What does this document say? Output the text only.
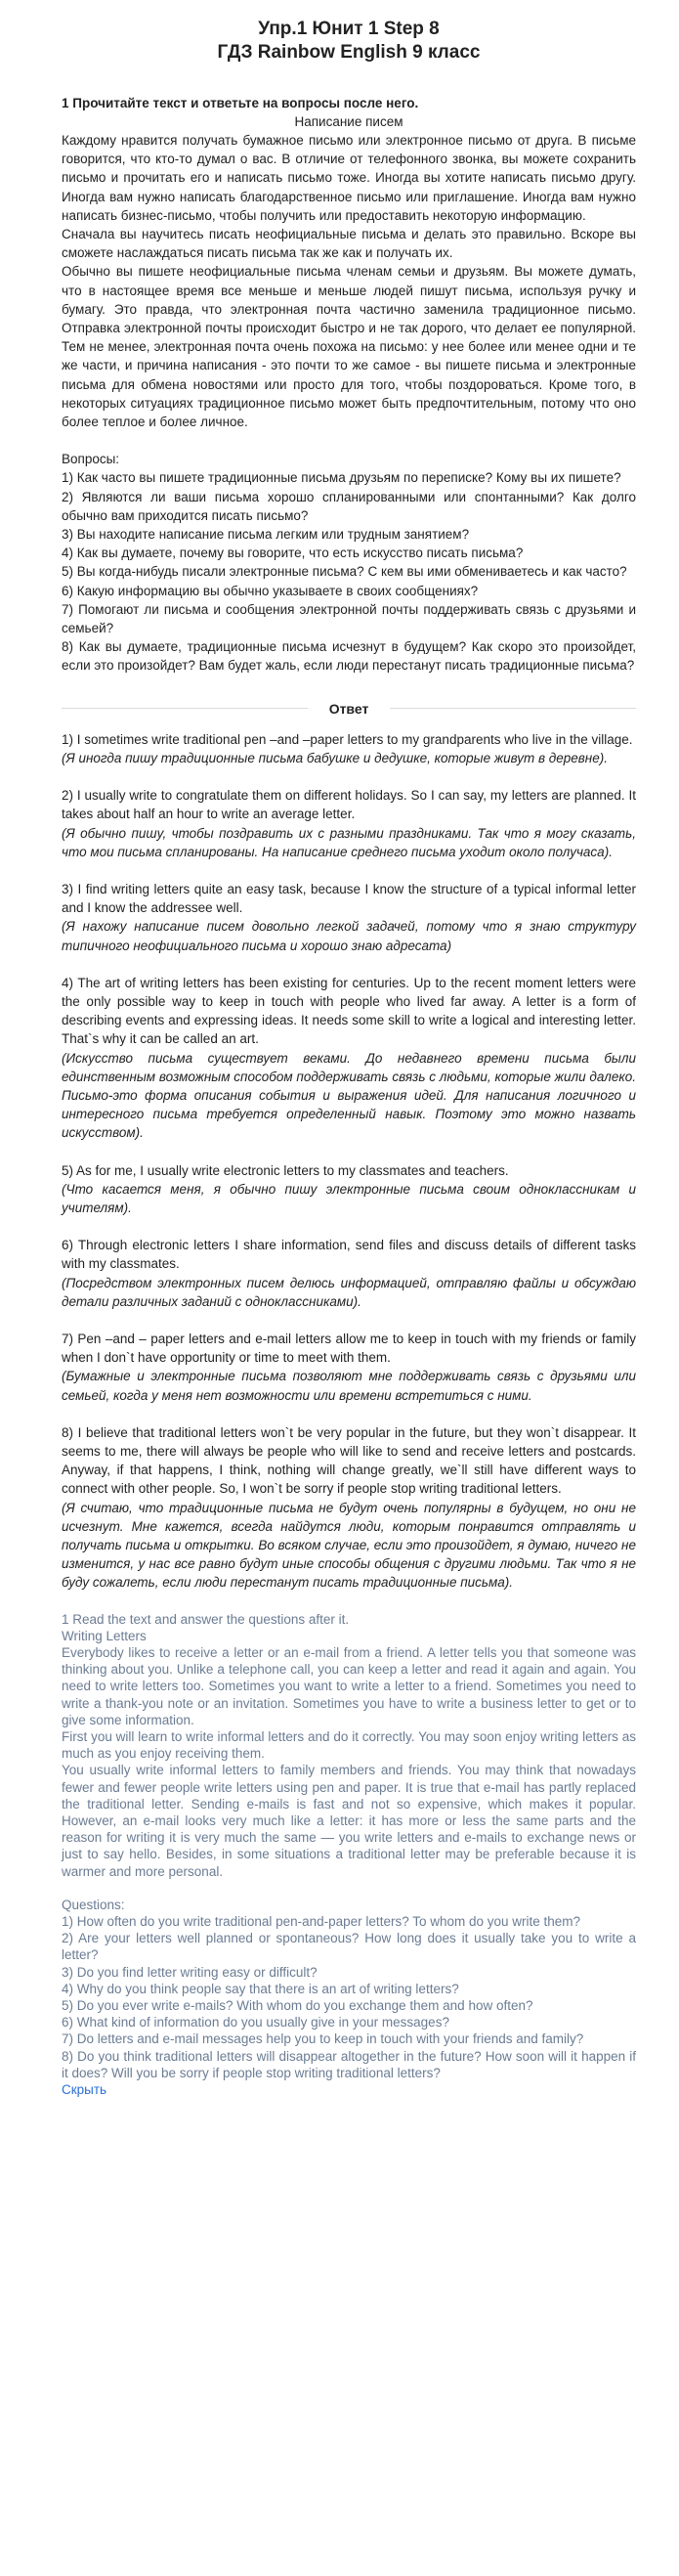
Упр.1 Юнит 1 Step 8
ГДЗ Rainbow English 9 класс
1 Прочитайте текст и ответьте на вопросы после него.
Написание писем

Каждому нравится получать бумажное письмо или электронное письмо от друга. В письме говорится, что кто-то думал о вас. В отличие от телефонного звонка, вы можете сохранить письмо и прочитать его и написать письмо тоже. Иногда вы хотите написать письмо другу. Иногда вам нужно написать благодарственное письмо или приглашение. Иногда вам нужно написать бизнес-письмо, чтобы получить или предоставить некоторую информацию.

Сначала вы научитесь писать неофициальные письма и делать это правильно. Вскоре вы сможете наслаждаться писать письма так же как и получать их.

Обычно вы пишете неофициальные письма членам семьи и друзьям. Вы можете думать, что в настоящее время все меньше и меньше людей пишут письма, используя ручку и бумагу. Это правда, что электронная почта частично заменила традиционное письмо. Отправка электронной почты происходит быстро и не так дорого, что делает ее популярной. Тем не менее, электронная почта очень похожа на письмо: у нее более или менее одни и те же части, и причина написания - это почти то же самое - вы пишете письма и электронные письма для обмена новостями или просто для того, чтобы поздороваться. Кроме того, в некоторых ситуациях традиционное письмо может быть предпочтительным, потому что оно более теплое и более личное.

Вопросы:

1) Как часто вы пишете традиционные письма друзьям по переписке? Кому вы их пишете?

2) Являются ли ваши письма хорошо спланированными или спонтанными? Как долго обычно вам приходится писать письмо?

3) Вы находите написание письма легким или трудным занятием?

4) Как вы думаете, почему вы говорите, что есть искусство писать письма?

5) Вы когда-нибудь писали электронные письма? С кем вы ими обмениваетесь и как часто?

6) Какую информацию вы обычно указываете в своих сообщениях?

7) Помогают ли письма и сообщения электронной почты поддерживать связь с друзьями и семьей?

8) Как вы думаете, традиционные письма исчезнут в будущем? Как скоро это произойдет, если это произойдет? Вам будет жаль, если люди перестанут писать традиционные письма?

Ответ

1) I sometimes write traditional pen –and –paper letters to my grandparents who live in the village.

(Я иногда пишу традиционные письма бабушке и дедушке, которые живут в деревне).

2) I usually write to congratulate them on different holidays. So I can say, my letters are planned. It takes about half an hour to write an average letter.

(Я обычно пишу, чтобы поздравить их с разными праздниками. Так что я могу сказать, что мои письма спланированы. На написание среднего письма уходит около получаса).

3) I find writing letters quite an easy task, because I know the structure of a typical informal letter and I know the addressee well.

(Я нахожу написание писем довольно легкой задачей, потому что я знаю структуру типичного неофициального письма и хорошо знаю адресата)

4) The art of writing letters has been existing for centuries. Up to the recent moment letters were the only possible way to keep in touch with people who lived far away. A letter is a form of describing events and expressing ideas. It needs some skill to write a logical and interesting letter. That`s why it can be called an art.

(Искусство письма существует веками. До недавнего времени письма были единственным возможным способом поддерживать связь с людьми, которые жили далеко. Письмо-это форма описания события и выражения идей. Для написания логичного и интересного письма требуется определенный навык. Поэтому это можно назвать искусством).

5) As for me, I usually write electronic letters to my classmates and teachers.

(Что касается меня, я обычно пишу электронные письма своим одноклассникам и учителям).

6) Through electronic letters I share information, send files and discuss details of different tasks with my classmates.

(Посредством электронных писем делюсь информацией, отправляю файлы и обсуждаю детали различных заданий с одноклассниками).

7) Pen –and – paper letters and e-mail letters allow me to keep in touch with my friends or family when I don`t have opportunity or time to meet with them.

(Бумажные и электронные письма позволяют мне поддерживать связь с друзьями или семьей, когда у меня нет возможности или времени встретиться с ними.

8) I believe that traditional letters won`t be very popular in the future, but they won`t disappear. It seems to me, there will always be people who will like to send and receive letters and postcards. Anyway, if that happens, I think, nothing will change greatly, we`ll still have different ways to connect with other people. So, I won`t be sorry if people stop writing traditional letters.

(Я считаю, что традиционные письма не будут очень популярны в будущем, но они не исчезнут. Мне кажется, всегда найдутся люди, которым понравится отправлять и получать письма и открытки. Во всяком случае, если это произойдет, я думаю, ничего не изменится, у нас все равно будут иные способы общения с другими людьми. Так что я не буду сожалеть, если люди перестанут писать традиционные письма).

1 Read the text and answer the questions after it.

Writing Letters

Everybody likes to receive a letter or an e-mail from a friend. A letter tells you that someone was thinking about you. Unlike a telephone call, you can keep a letter and read it again and again. You need to write letters too. Sometimes you want to write a letter to a friend. Sometimes you need to write a thank-you note or an invitation. Sometimes you have to write a business letter to get or to give some information.

First you will learn to write informal letters and do it correctly. You may soon enjoy writing letters as much as you enjoy receiving them.

You usually write informal letters to family members and friends. You may think that nowadays fewer and fewer people write letters using pen and paper. It is true that e-mail has partly replaced the traditional letter. Sending e-mails is fast and not so expensive, which makes it popular. However, an e-mail looks very much like a letter: it has more or less the same parts and the reason for writing it is very much the same — you write letters and e-mails to exchange news or just to say hello. Besides, in some situations a traditional letter may be preferable because it is warmer and more personal.

Questions:

1) How often do you write traditional pen-and-paper letters? To whom do you write them?

2) Are your letters well planned or spontaneous? How long does it usually take you to write a letter?

3) Do you find letter writing easy or difficult?

4) Why do you think people say that there is an art of writing letters?

5) Do you ever write e-mails? With whom do you exchange them and how often?

6) What kind of information do you usually give in your messages?

7) Do letters and e-mail messages help you to keep in touch with your friends and family?

8) Do you think traditional letters will disappear altogether in the future? How soon will it happen if it does? Will you be sorry if people stop writing traditional letters?

Скрыть
